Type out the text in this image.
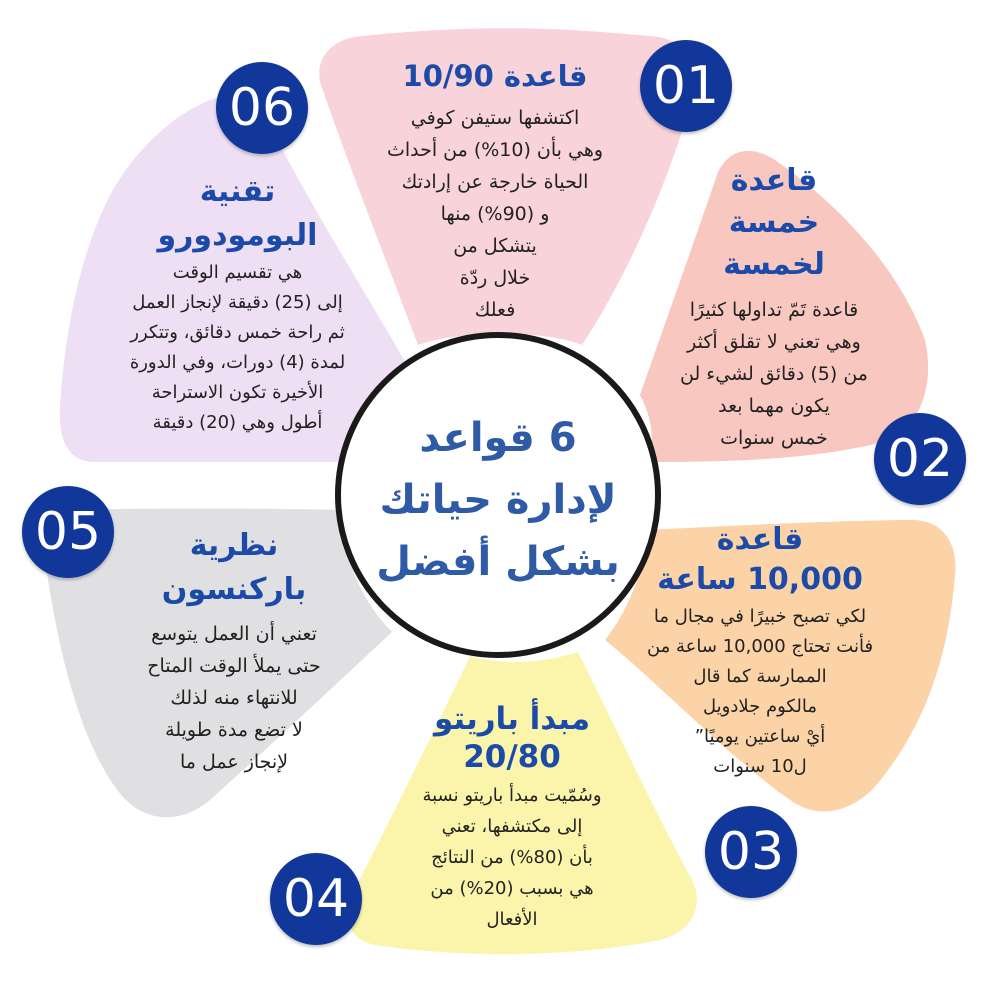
6 قواعد
لإدارة حياتك
بشكل أفضل
01
02
03
04
05
06
قاعدة 10/90
اكتشفها ستيفن كوفي
وهي بأن (10%) من أحداث
الحياة خارجة عن إرادتك
و (90%) منها
يتشكل من
خلال ردّة
فعلك
قاعدة
خمسة
لخمسة
قاعدة تَمّ تداولها كثيرًا
وهي تعني لا تقلق أكثر
من (5) دقائق لشيء لن
يكون مهما بعد
خمس سنوات
قاعدة
10,000 ساعة
لكي تصبح خبيرًا في مجال ما
فأنت تحتاج 10,000 ساعة من
الممارسة كما قال
مالكوم جلادويل
أيْ ساعتين يوميًا”
ل10 سنوات
مبدأ باريتو
20/80
وسُمّيت مبدأ باريتو نسبة
إلى مكتشفها، تعني
بأن (80%) من النتائج
هي بسبب (20%) من
الأفعال
نظرية
باركنسون
تعني أن العمل يتوسع
حتى يملأ الوقت المتاح
للانتهاء منه لذلك
لا تضع مدة طويلة
لإنجاز عمل ما
تقنية
البومودورو
هي تقسيم الوقت
إلى (25) دقيقة لإنجاز العمل
ثم راحة خمس دقائق، وتتكرر
لمدة (4) دورات، وفي الدورة
الأخيرة تكون الاستراحة
أطول وهي (20) دقيقة
